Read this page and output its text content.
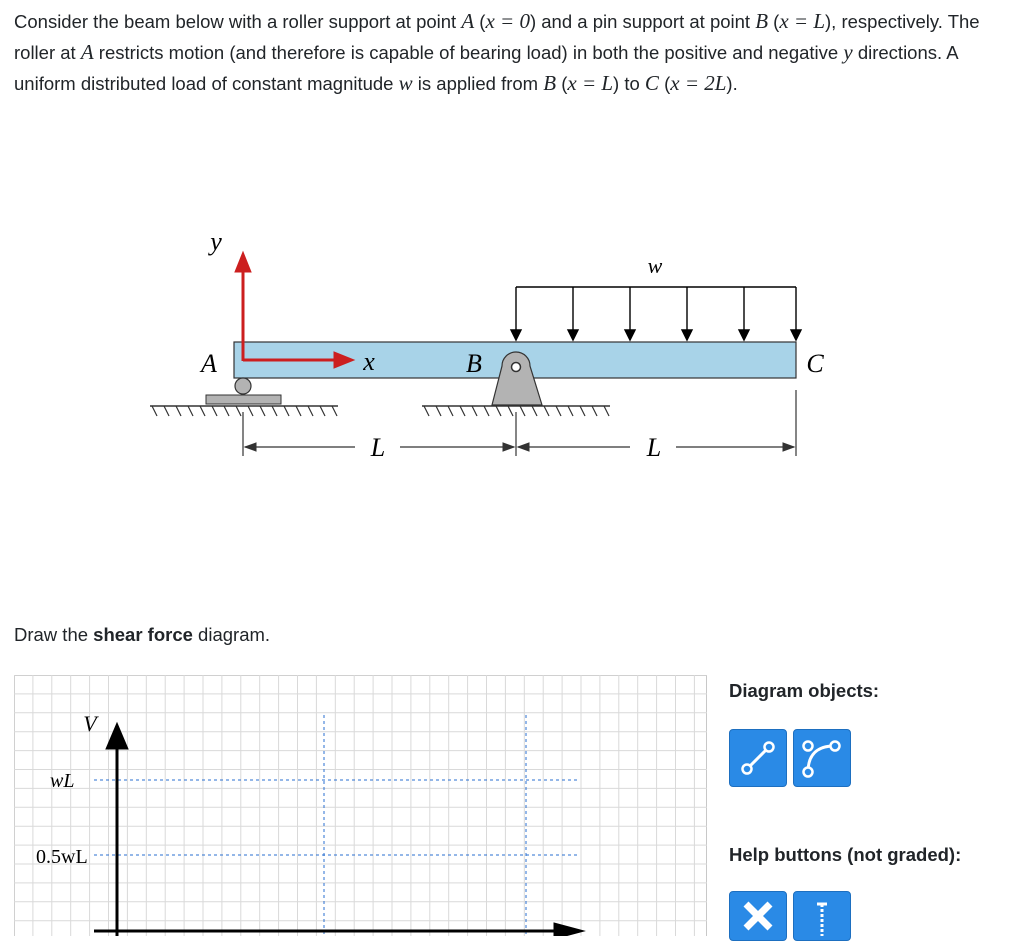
Consider the beam below with a roller support at point A (x = 0) and a pin support at point B (x = L), respectively. The roller at A restricts motion (and therefore is capable of bearing load) in both the positive and negative y directions. A uniform distributed load of constant magnitude w is applied from B (x = L) to C (x = 2L).

w
y
x
A	B	C
L	L

Draw the shear force diagram.

V
wL
0.5wL

Diagram objects:

Help buttons (not graded):
